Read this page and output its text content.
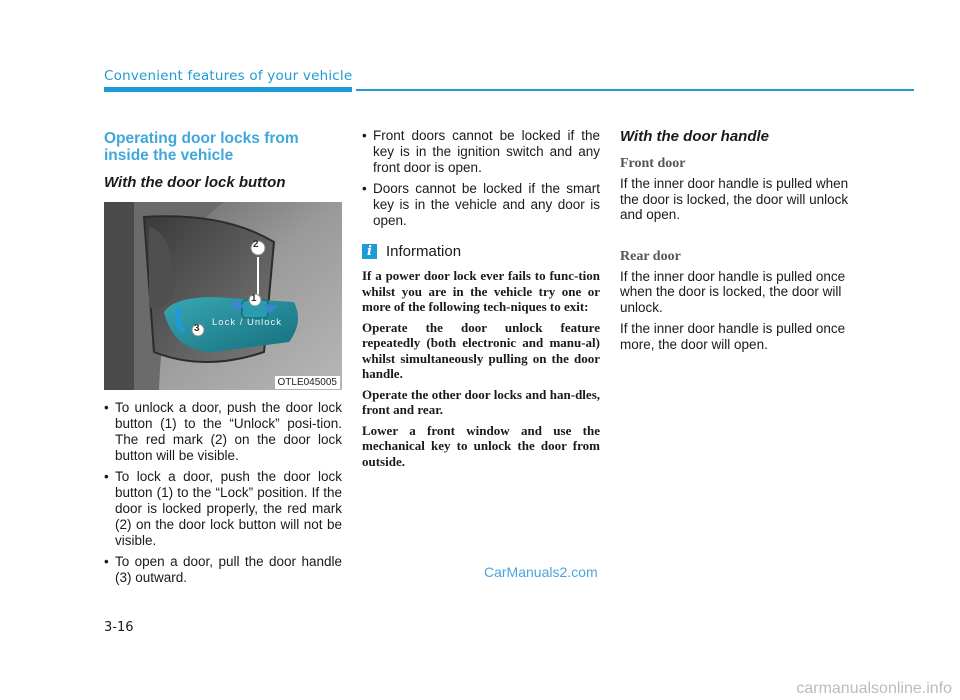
Convenient features of your vehicle
Operating door locks from inside the vehicle
With the door lock button
2
1
3
Lock / Unlock
OTLE045005
• To unlock a door, push the door lock button (1) to the “Unlock” posi-tion. The red mark (2) on the door lock button will be visible.
• To lock a door, push the door lock button (1) to the “Lock” position. If the door is locked properly, the red mark (2) on the door lock button will not be visible.
• To open a door, pull the door handle (3) outward.
• Front doors cannot be locked if the key is in the ignition switch and any front door is open.
• Doors cannot be locked if the smart key is in the vehicle and any door is open.
i Information

If a power door lock ever fails to func-tion whilst you are in the vehicle try one or more of the following tech-niques to exit:

Operate the door unlock feature repeatedly (both electronic and manu-al) whilst simultaneously pulling on the door handle.

Operate the other door locks and han-dles, front and rear.

Lower a front window and use the mechanical key to unlock the door from outside.

With the door handle
Front door

If the inner door handle is pulled when the door is locked, the door will unlock and open.

Rear door

If the inner door handle is pulled once when the door is locked, the door will unlock.

If the inner door handle is pulled once more, the door will open.

CarManuals2.com
3-16
carmanualsonline.info
